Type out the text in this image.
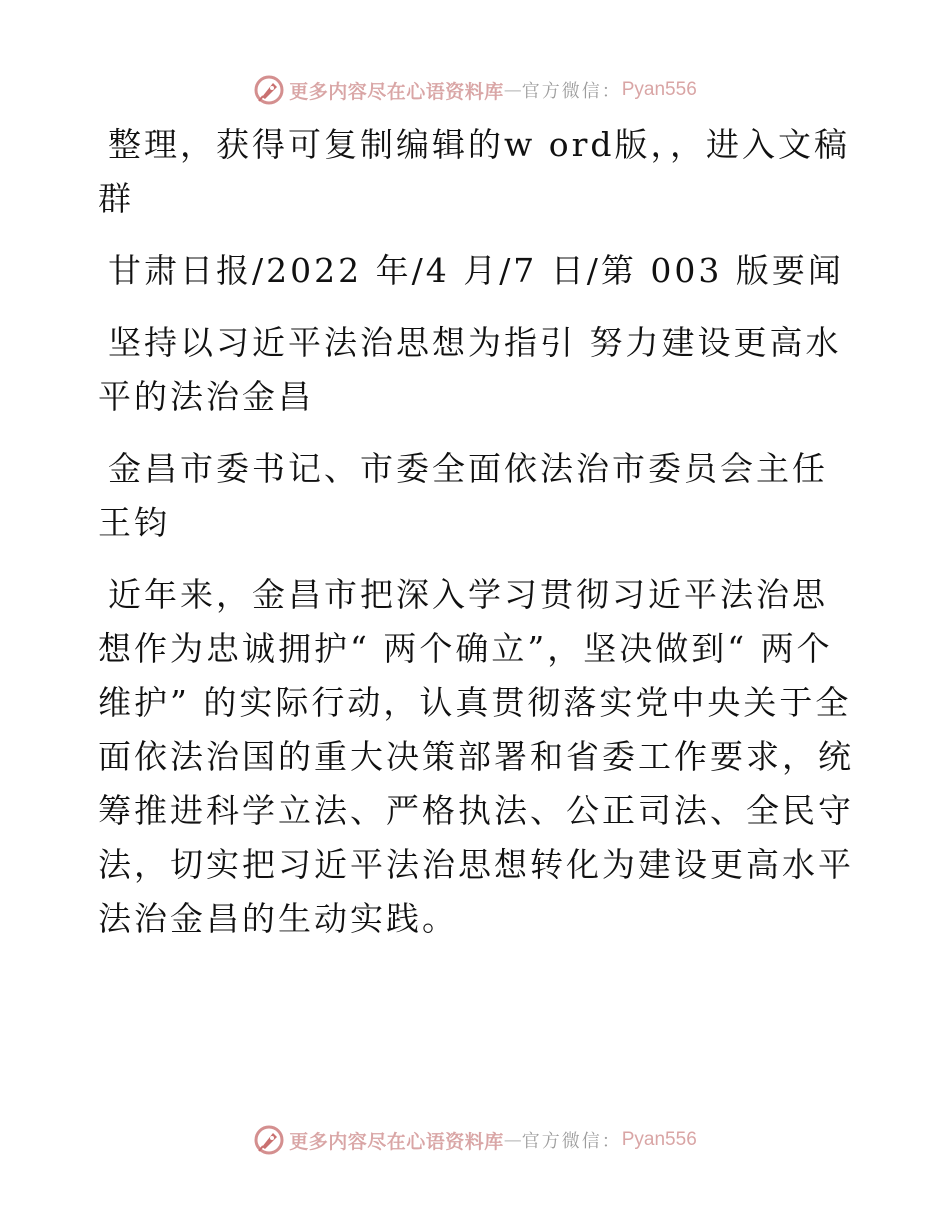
更多内容尽在心语资料库 — 官方微信： Pyan556

整理，获得可复制编辑的w ord版，，进入文稿群

甘肃日报/2022 年/4 月/7 日/第 003 版要闻

坚持以习近平法治思想为指引 努力建设更高水平的法治金昌

金昌市委书记、市委全面依法治市委员会主任 王钧

近年来，金昌市把深入学习贯彻习近平法治思想作为忠诚拥护“ 两个确立”，坚决做到“ 两个维护” 的实际行动，认真贯彻落实党中央关于全面依法治国的重大决策部署和省委工作要求，统筹推进科学立法、严格执法、公正司法、全民守法，切实把习近平法治思想转化为建设更高水平法治金昌的生动实践。

更多内容尽在心语资料库 — 官方微信： Pyan556
